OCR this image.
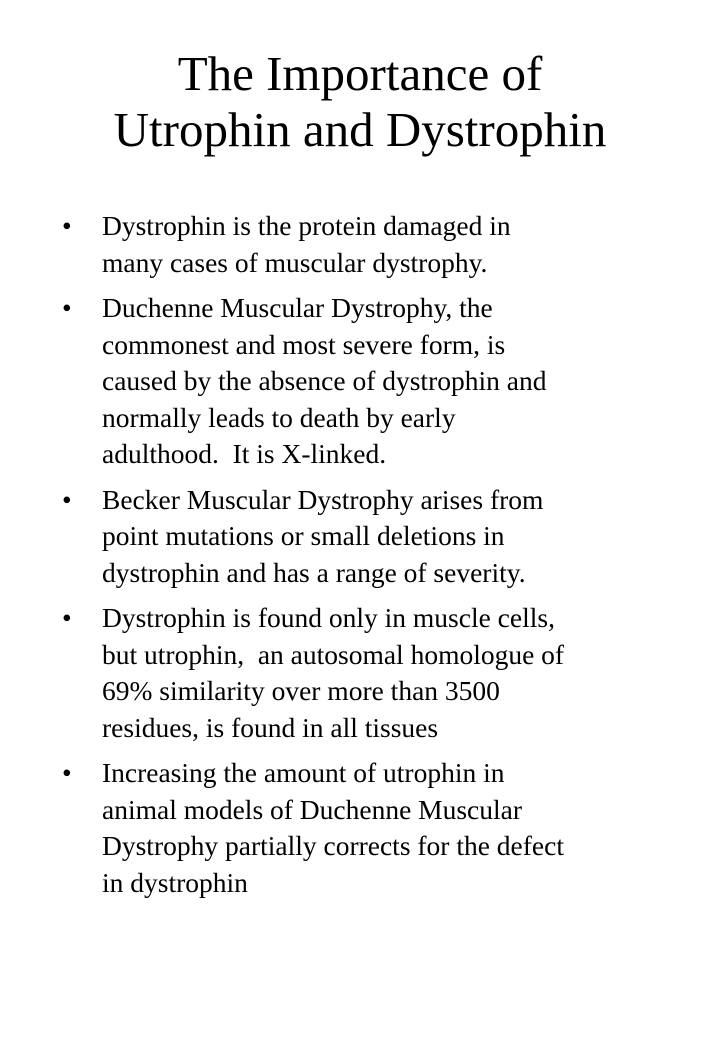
The Importance of
Utrophin and Dystrophin
•	Dystrophin is the protein damaged in
many cases of muscular dystrophy.
•	Duchenne Muscular Dystrophy, the
commonest and most severe form, is
caused by the absence of dystrophin and
normally leads to death by early
adulthood.  It is X-linked.
•	Becker Muscular Dystrophy arises from
point mutations or small deletions in
dystrophin and has a range of severity.
•	Dystrophin is found only in muscle cells,
but utrophin,  an autosomal homologue of
69% similarity over more than 3500
residues, is found in all tissues
•	Increasing the amount of utrophin in
animal models of Duchenne Muscular
Dystrophy partially corrects for the defect
in dystrophin
